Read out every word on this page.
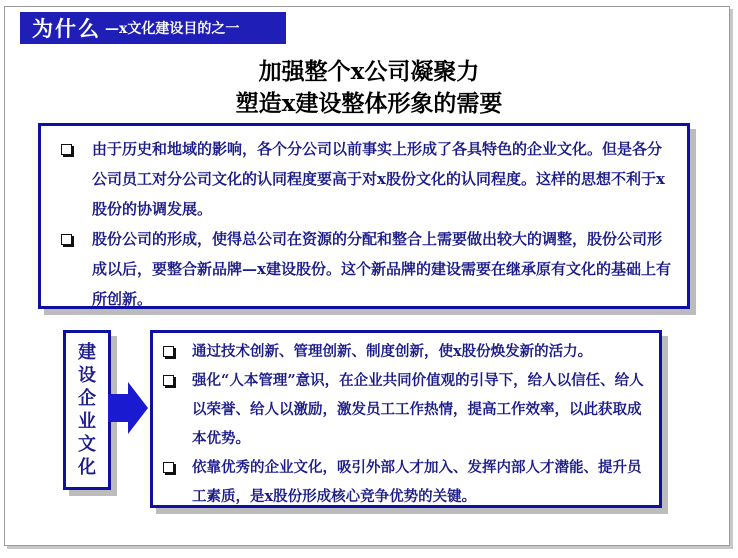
为什么 —x文化建设目的之一
加强整个x公司凝聚力
塑造x建设整体形象的需要
由于历史和地域的影响，各个分公司以前事实上形成了各具特色的企业文化。但是各分公司员工对分公司文化的认同程度要高于对x股份文化的认同程度。这样的思想不利于x股份的协调发展。
股份公司的形成，使得总公司在资源的分配和整合上需要做出较大的调整，股份公司形成以后，要整合新品牌—x建设股份。这个新品牌的建设需要在继承原有文化的基础上有所创新。
建
设
企
业
文
化
通过技术创新、管理创新、制度创新，使x股份焕发新的活力。
强化“人本管理”意识，在企业共同价值观的引导下，给人以信任、给人以荣誉、给人以激励，激发员工工作热情，提高工作效率，以此获取成本优势。
依靠优秀的企业文化，吸引外部人才加入、发挥内部人才潜能、提升员工素质，是x股份形成核心竞争优势的关键。
